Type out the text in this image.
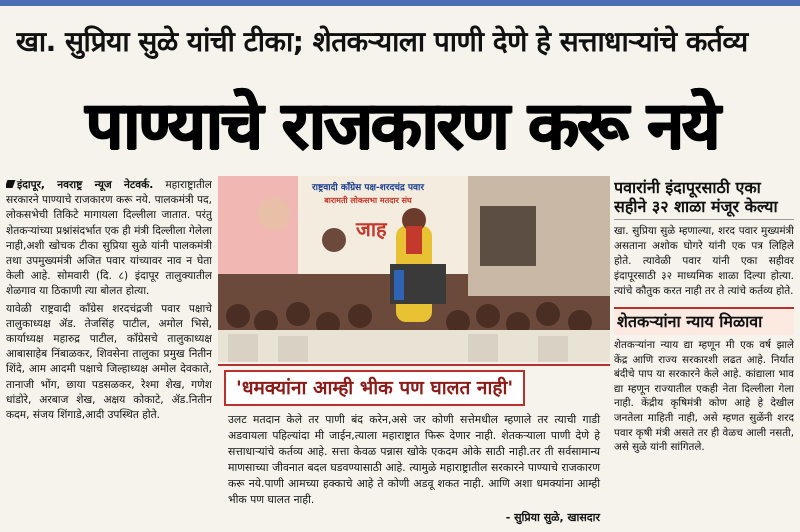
खा. सुप्रिया सुळे यांची टीका; शेतकऱ्याला पाणी देणे हे सत्ताधाऱ्यांचे कर्तव्य
पाण्याचे राजकारण करू नये

इंदापूर, नवराष्ट्र न्यूज नेटवर्क. महाराष्ट्रातील सरकारने पाण्याचे राजकारण करू नये. पालकमंत्री पद, लोकसभेची तिकिटे मागायला दिल्लीला जातात. परंतु शेतकऱ्यांच्या प्रश्नांसंदर्भात एक ही मंत्री दिल्लीला गेलेला नाही,अशी खोचक टीका सुप्रिया सुळे यांनी पालकमंत्री तथा उपमुख्यमंत्री अजित पवार यांच्यावर नाव न घेता केली आहे. सोमवारी (दि. ८) इंदापूर तालुक्यातील शेळगाव या ठिकाणी त्या बोलत होत्या.

यावेळी राष्ट्रवादी कॉंग्रेस शरदचंद्रजी पवार पक्षाचे तालुकाध्यक्ष ॲड. तेजसिंह पाटील, अमोल भिसे, कार्याध्यक्ष महारुद्र पाटील, कॉंग्रेसचे तालुकाध्यक्ष आबासाहेब निंबाळकर, शिवसेना तालुका प्रमुख नितीन शिंदे, आम आदमी पक्षाचे जिल्हाध्यक्ष अमोल देवकाते, तानाजी भोंग, छाया पडसळकर, रेश्मा शेख, गणेश धांडोरे, अरबाज शेख, अक्षय कोकाटे, ॲड.नितीन कदम, संजय शिंगाडे,आदी उपस्थित होते.

राष्ट्रवादी कॉंग्रेस पक्ष-शरदचंद्र पवार
बारामती लोकसभा मतदार संघ
जाह
'धमक्यांना आम्ही भीक पण घालत नाही'
उलट मतदान केले तर पाणी बंद करेन,असे जर कोणी सत्तेमधील म्हणाले तर त्याची गाडी अडवायला पहिल्यांदा मी जाईन,त्याला महाराष्ट्रात फिरू देणार नाही. शेतकऱ्याला पाणी देणे हे सत्ताधाऱ्यांचे कर्तव्य आहे. सत्ता केवळ पन्नास खोके एकदम ओके साठी नाही.तर ती सर्वसामान्य माणसाच्या जीवनात बदल घडवण्यासाठी आहे. त्यामुळे महाराष्ट्रातील सरकारने पाण्याचे राजकारण करू नये.पाणी आमच्या हक्काचे आहे ते कोणी अडवू शकत नाही. आणि अशा धमक्यांना आम्ही भीक पण घालत नाही.
- सुप्रिया सुळे, खासदार
पवारांनी इंदापूरसाठी एका सहीने ३२ शाळा मंजूर केल्या
खा. सुप्रिया सुळे म्हणाल्या, शरद पवार मुख्यमंत्री असताना अशोक घोगरे यांनी एक पत्र लिहिले होते. त्यावेळी पवार यांनी एका सहीवर इंदापूरसाठी ३२ माध्यमिक शाळा दिल्या होत्या. त्यांचे कौतुक करत नाही तर ते त्यांचे कर्तव्य होते.
शेतकऱ्यांना न्याय मिळावा
शेतकऱ्यांना न्याय द्या म्हणून मी एक वर्ष झाले केंद्र आणि राज्य सरकारशी लढत आहे. निर्यात बंदीचे पाप या सरकारने केले आहे. कांद्याला भाव द्या म्हणून राज्यातील एकही नेता दिल्लीला गेला नाही. केंद्रीय कृषिमंत्री कोण आहे हे देखील जनतेला माहिती नाही, असे म्हणत सुळेंनी शरद पवार कृषी मंत्री असते तर ही वेळच आली नसती, असे सुळे यांनी सांगितले.
